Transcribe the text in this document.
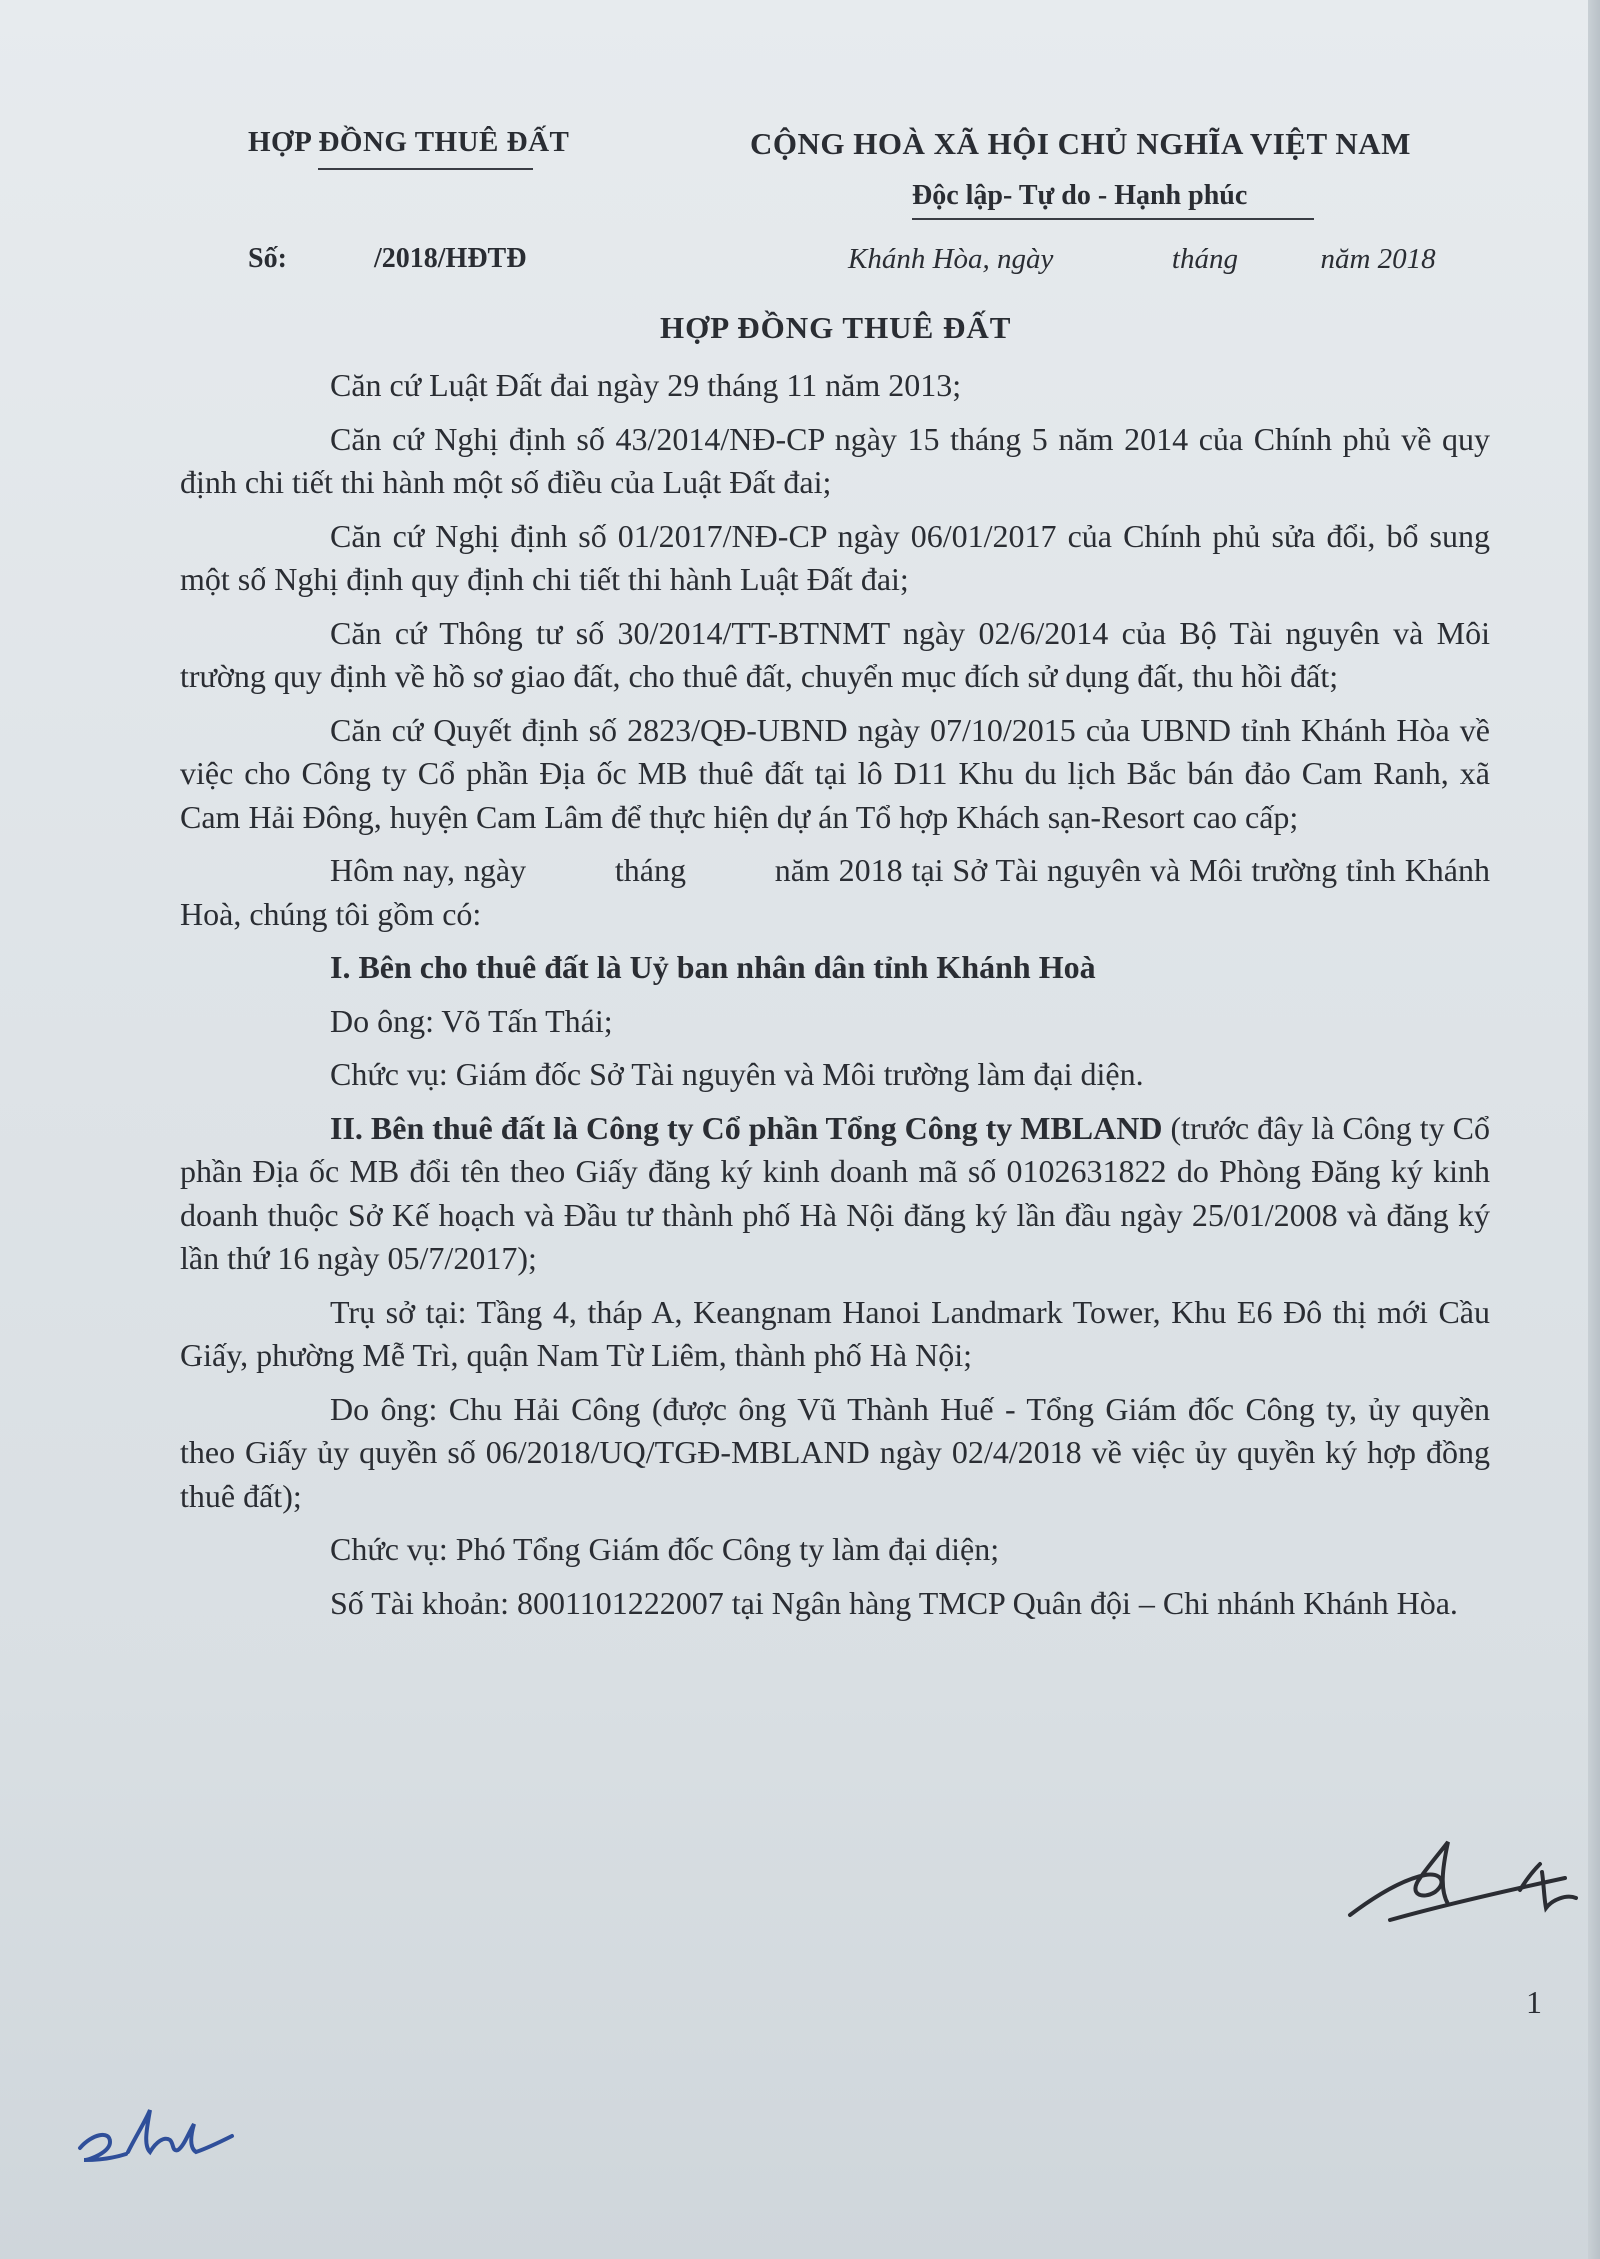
HỢP ĐỒNG THUÊ ĐẤT	CỘNG HOÀ XÃ HỘI CHỦ NGHĨA VIỆT NAM
Độc lập- Tự do - Hạnh phúc
Số:	/2018/HĐTĐ	Khánh Hòa, ngày	tháng	năm 2018
HỢP ĐỒNG THUÊ ĐẤT

Căn cứ Luật Đất đai ngày 29 tháng 11 năm 2013;

Căn cứ Nghị định số 43/2014/NĐ-CP ngày 15 tháng 5 năm 2014 của Chính phủ về quy định chi tiết thi hành một số điều của Luật Đất đai;

Căn cứ Nghị định số 01/2017/NĐ-CP ngày 06/01/2017 của Chính phủ sửa đổi, bổ sung một số Nghị định quy định chi tiết thi hành Luật Đất đai;

Căn cứ Thông tư số 30/2014/TT-BTNMT ngày 02/6/2014 của Bộ Tài nguyên và Môi trường quy định về hồ sơ giao đất, cho thuê đất, chuyển mục đích sử dụng đất, thu hồi đất;

Căn cứ Quyết định số 2823/QĐ-UBND ngày 07/10/2015 của UBND tỉnh Khánh Hòa về việc cho Công ty Cổ phần Địa ốc MB thuê đất tại lô D11 Khu du lịch Bắc bán đảo Cam Ranh, xã Cam Hải Đông, huyện Cam Lâm để thực hiện dự án Tổ hợp Khách sạn-Resort cao cấp;

Hôm nay, ngày          tháng          năm 2018 tại Sở Tài nguyên và Môi trường tỉnh Khánh Hoà, chúng tôi gồm có:

I. Bên cho thuê đất là Uỷ ban nhân dân tỉnh Khánh Hoà

Do ông: Võ Tấn Thái;

Chức vụ: Giám đốc Sở Tài nguyên và Môi trường làm đại diện.

II. Bên thuê đất là Công ty Cổ phần Tổng Công ty MBLAND (trước đây là Công ty Cổ phần Địa ốc MB đổi tên theo Giấy đăng ký kinh doanh mã số 0102631822 do Phòng Đăng ký kinh doanh thuộc Sở Kế hoạch và Đầu tư thành phố Hà Nội đăng ký lần đầu ngày 25/01/2008 và đăng ký lần thứ 16 ngày 05/7/2017);

Trụ sở tại: Tầng 4, tháp A, Keangnam Hanoi Landmark Tower, Khu E6 Đô thị mới Cầu Giấy, phường Mễ Trì, quận Nam Từ Liêm, thành phố Hà Nội;

Do ông: Chu Hải Công (được ông Vũ Thành Huế - Tổng Giám đốc Công ty, ủy quyền theo Giấy ủy quyền số 06/2018/UQ/TGĐ-MBLAND ngày 02/4/2018 về việc ủy quyền ký hợp đồng thuê đất);

Chức vụ: Phó Tổng Giám đốc Công ty làm đại diện;

Số Tài khoản: 8001101222007 tại Ngân hàng TMCP Quân đội – Chi nhánh Khánh Hòa.

1
